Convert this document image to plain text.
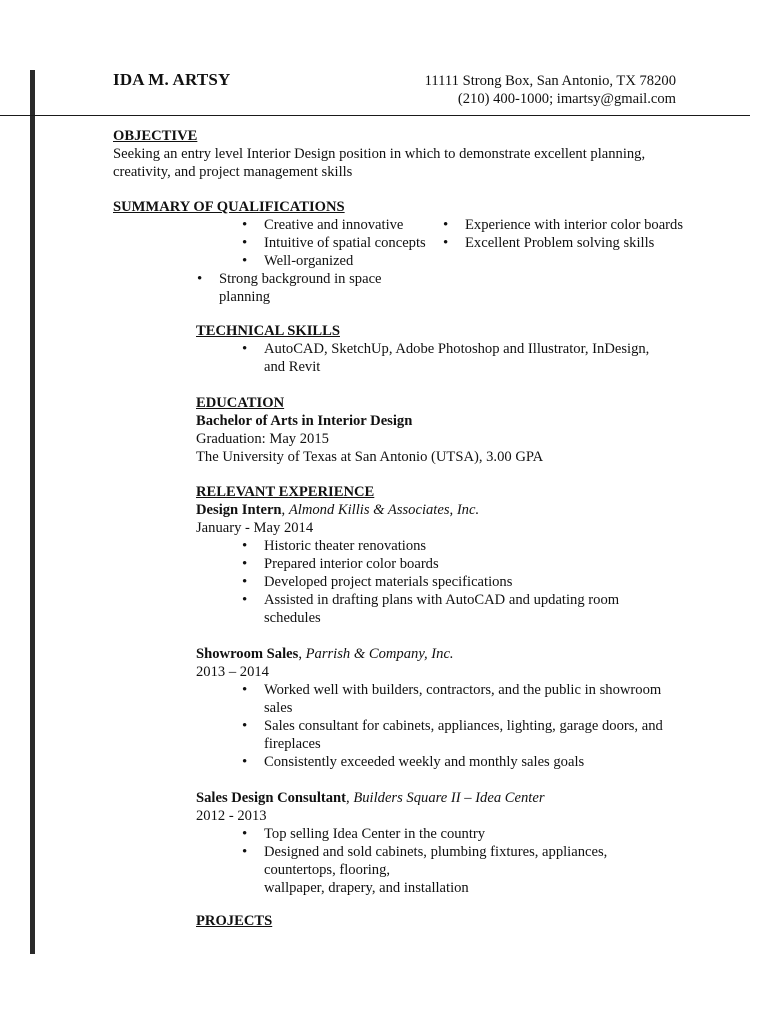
IDA M. ARTSY	11111 Strong Box, San Antonio, TX 78200
(210) 400-1000; imartsy@gmail.com
OBJECTIVE
Seeking an entry level Interior Design position in which to demonstrate excellent planning, creativity, and project management skills
SUMMARY OF QUALIFICATIONS
• Creative and innovative
• Intuitive of spatial concepts
• Well-organized
• Strong background in space planning
• Experience with interior color boards
• Excellent Problem solving skills
TECHNICAL SKILLS
• AutoCAD, SketchUp, Adobe Photoshop and Illustrator, InDesign, and Revit
EDUCATION
Bachelor of Arts in Interior Design
Graduation: May 2015
The University of Texas at San Antonio (UTSA), 3.00 GPA
RELEVANT EXPERIENCE
Design Intern, Almond Killis & Associates, Inc.
January - May 2014
• Historic theater renovations
• Prepared interior color boards
• Developed project materials specifications
• Assisted in drafting plans with AutoCAD and updating room schedules
Showroom Sales, Parrish & Company, Inc.
2013 – 2014
• Worked well with builders, contractors, and the public in showroom sales
• Sales consultant for cabinets, appliances, lighting, garage doors, and fireplaces
• Consistently exceeded weekly and monthly sales goals
Sales Design Consultant, Builders Square II – Idea Center
2012 - 2013
• Top selling Idea Center in the country
• Designed and sold cabinets, plumbing fixtures, appliances, countertops, flooring,
wallpaper, drapery, and installation
PROJECTS
